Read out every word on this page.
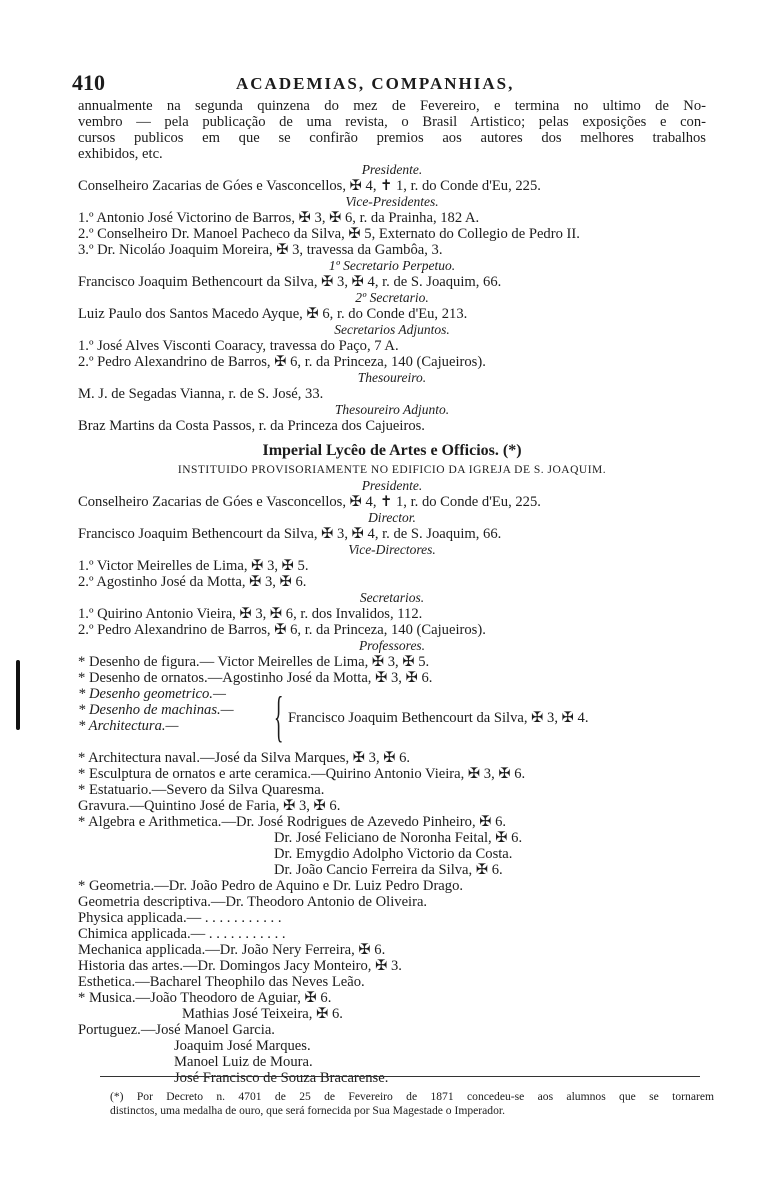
410	ACADEMIAS, COMPANHIAS,
annualmente na segunda quinzena do mez de Fevereiro, e termina no ultimo de No-
vembro — pela publicação de uma revista, o Brasil Artistico; pelas exposições e con-
cursos publicos em que se confirão premios aos autores dos melhores trabalhos
exhibidos, etc.
Presidente.
Conselheiro Zacarias de Góes e Vasconcellos, ✠ 4, ✝ 1, r. do Conde d'Eu, 225.
Vice-Presidentes.
1.º Antonio José Victorino de Barros, ✠ 3, ✠ 6, r. da Prainha, 182 A.
2.º Conselheiro Dr. Manoel Pacheco da Silva, ✠ 5, Externato do Collegio de Pedro II.
3.º Dr. Nicoláo Joaquim Moreira, ✠ 3, travessa da Gambôa, 3.
1º Secretario Perpetuo.
Francisco Joaquim Bethencourt da Silva, ✠ 3, ✠ 4, r. de S. Joaquim, 66.
2º Secretario.
Luiz Paulo dos Santos Macedo Ayque, ✠ 6, r. do Conde d'Eu, 213.
Secretarios Adjuntos.
1.º José Alves Visconti Coaracy, travessa do Paço, 7 A.
2.º Pedro Alexandrino de Barros, ✠ 6, r. da Princeza, 140 (Cajueiros).
Thesoureiro.
M. J. de Segadas Vianna, r. de S. José, 33.
Thesoureiro Adjunto.
Braz Martins da Costa Passos, r. da Princeza dos Cajueiros.
Imperial Lycêo de Artes e Officios. (*)
INSTITUIDO PROVISORIAMENTE NO EDIFICIO DA IGREJA DE S. JOAQUIM.
Presidente.
Conselheiro Zacarias de Góes e Vasconcellos, ✠ 4, ✝ 1, r. do Conde d'Eu, 225.
Director.
Francisco Joaquim Bethencourt da Silva, ✠ 3, ✠ 4, r. de S. Joaquim, 66.
Vice-Directores.
1.º Victor Meirelles de Lima, ✠ 3, ✠ 5.
2.º Agostinho José da Motta, ✠ 3, ✠ 6.
Secretarios.
1.º Quirino Antonio Vieira, ✠ 3, ✠ 6, r. dos Invalidos, 112.
2.º Pedro Alexandrino de Barros, ✠ 6, r. da Princeza, 140 (Cajueiros).
Professores.
* Desenho de figura.— Victor Meirelles de Lima, ✠ 3, ✠ 5.
* Desenho de ornatos.—Agostinho José da Motta, ✠ 3, ✠ 6.
* Desenho geometrico.—
* Desenho de machinas.—
* Architectura.—	{ Francisco Joaquim Bethencourt da Silva, ✠ 3, ✠ 4.
* Architectura naval.—José da Silva Marques, ✠ 3, ✠ 6.
* Esculptura de ornatos e arte ceramica.—Quirino Antonio Vieira, ✠ 3, ✠ 6.
* Estatuario.—Severo da Silva Quaresma.
Gravura.—Quintino José de Faria, ✠ 3, ✠ 6.
* Algebra e Arithmetica.—Dr. José Rodrigues de Azevedo Pinheiro, ✠ 6.
Dr. José Feliciano de Noronha Feital, ✠ 6.
Dr. Emygdio Adolpho Victorio da Costa.
Dr. João Cancio Ferreira da Silva, ✠ 6.
* Geometria.—Dr. João Pedro de Aquino e Dr. Luiz Pedro Drago.
Geometria descriptiva.—Dr. Theodoro Antonio de Oliveira.
Physica applicada.— . . . . . . . . . . .
Chimica applicada.— . . . . . . . . . . .
Mechanica applicada.—Dr. João Nery Ferreira, ✠ 6.
Historia das artes.—Dr. Domingos Jacy Monteiro, ✠ 3.
Esthetica.—Bacharel Theophilo das Neves Leão.
* Musica.—João Theodoro de Aguiar, ✠ 6.
Mathias José Teixeira, ✠ 6.
Portuguez.—José Manoel Garcia.
Joaquim José Marques.
Manoel Luiz de Moura.
José Francisco de Souza Bracarense.
(*) Por Decreto n. 4701 de 25 de Fevereiro de 1871 concedeu-se aos alumnos que se tornarem
distinctos, uma medalha de ouro, que será fornecida por Sua Magestade o Imperador.
